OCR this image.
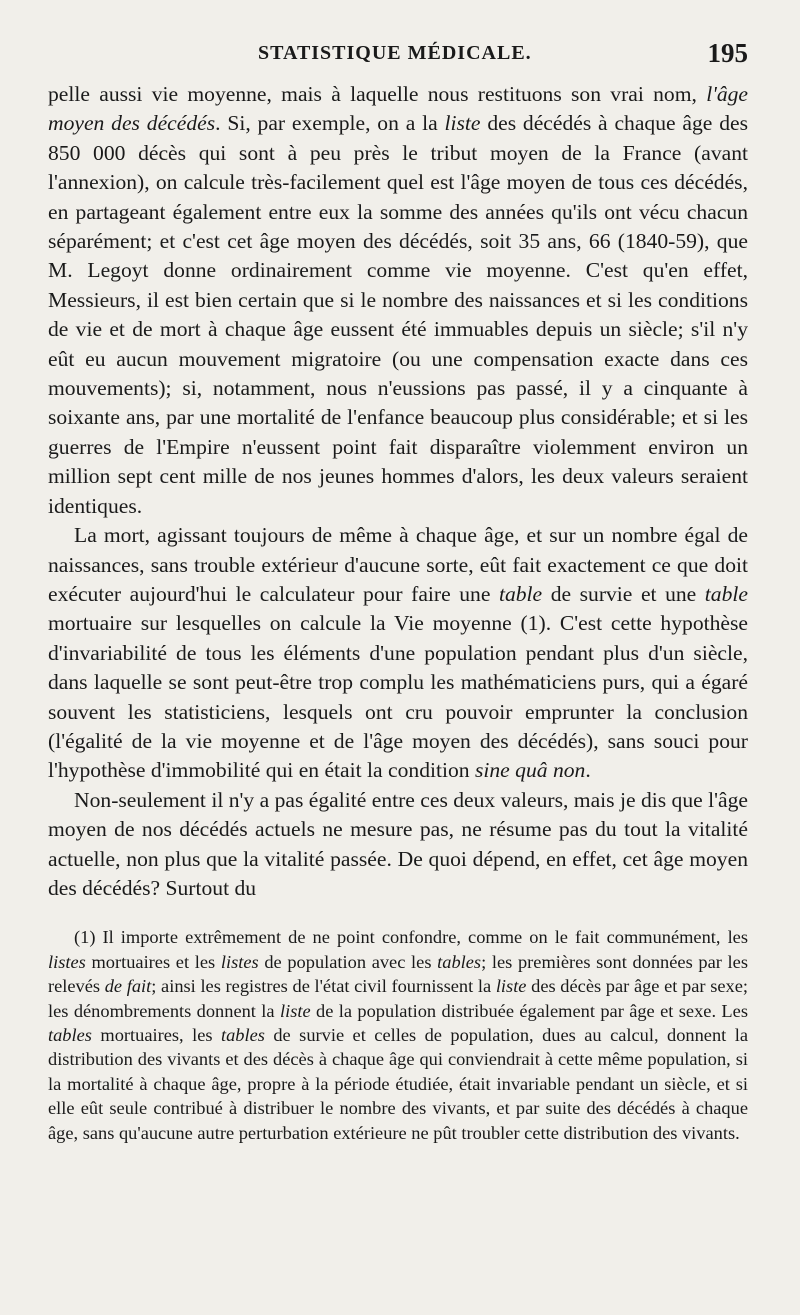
STATISTIQUE MÉDICALE.	195

pelle aussi vie moyenne, mais à laquelle nous restituons son vrai nom, l'âge moyen des décédés. Si, par exemple, on a la liste des décédés à chaque âge des 850 000 décès qui sont à peu près le tribut moyen de la France (avant l'annexion), on calcule très-facilement quel est l'âge moyen de tous ces décédés, en partageant également entre eux la somme des années qu'ils ont vécu chacun séparément; et c'est cet âge moyen des décédés, soit 35 ans, 66 (1840-59), que M. Legoyt donne ordinairement comme vie moyenne. C'est qu'en effet, Messieurs, il est bien certain que si le nombre des naissances et si les conditions de vie et de mort à chaque âge eussent été immuables depuis un siècle; s'il n'y eût eu aucun mouvement migratoire (ou une compensation exacte dans ces mouvements); si, notamment, nous n'eussions pas passé, il y a cinquante à soixante ans, par une mortalité de l'enfance beaucoup plus considérable; et si les guerres de l'Empire n'eussent point fait disparaître violemment environ un million sept cent mille de nos jeunes hommes d'alors, les deux valeurs seraient identiques.

La mort, agissant toujours de même à chaque âge, et sur un nombre égal de naissances, sans trouble extérieur d'aucune sorte, eût fait exactement ce que doit exécuter aujourd'hui le calculateur pour faire une table de survie et une table mortuaire sur lesquelles on calcule la Vie moyenne (1). C'est cette hypothèse d'invariabilité de tous les éléments d'une population pendant plus d'un siècle, dans laquelle se sont peut-être trop complu les mathématiciens purs, qui a égaré souvent les statisticiens, lesquels ont cru pouvoir emprunter la conclusion (l'égalité de la vie moyenne et de l'âge moyen des décédés), sans souci pour l'hypothèse d'immobilité qui en était la condition sine quâ non.

Non-seulement il n'y a pas égalité entre ces deux valeurs, mais je dis que l'âge moyen de nos décédés actuels ne mesure pas, ne résume pas du tout la vitalité actuelle, non plus que la vitalité passée. De quoi dépend, en effet, cet âge moyen des décédés? Surtout du

(1) Il importe extrêmement de ne point confondre, comme on le fait communément, les listes mortuaires et les listes de population avec les tables; les premières sont données par les relevés de fait; ainsi les registres de l'état civil fournissent la liste des décès par âge et par sexe; les dénombrements donnent la liste de la population distribuée également par âge et sexe. Les tables mortuaires, les tables de survie et celles de population, dues au calcul, donnent la distribution des vivants et des décès à chaque âge qui conviendrait à cette même population, si la mortalité à chaque âge, propre à la période étudiée, était invariable pendant un siècle, et si elle eût seule contribué à distribuer le nombre des vivants, et par suite des décédés à chaque âge, sans qu'aucune autre perturbation extérieure ne pût troubler cette distribution des vivants.
